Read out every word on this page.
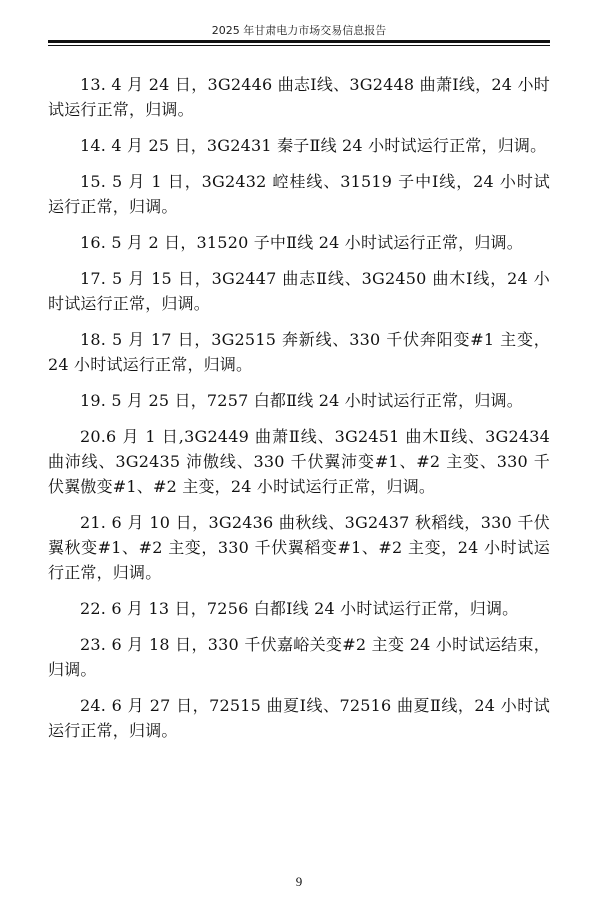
2025 年甘肃电力市场交易信息报告

13. 4 月 24 日，3G2446 曲志Ⅰ线、3G2448 曲萧Ⅰ线，24 小时试运行正常，归调。

14. 4 月 25 日，3G2431 秦子Ⅱ线 24 小时试运行正常，归调。

15. 5 月 1 日，3G2432 崆桂线、31519 子中Ⅰ线，24 小时试运行正常，归调。

16. 5 月 2 日，31520 子中Ⅱ线 24 小时试运行正常，归调。

17. 5 月 15 日，3G2447 曲志Ⅱ线、3G2450 曲木Ⅰ线，24 小时试运行正常，归调。

18. 5 月 17 日，3G2515 奔新线、330 千伏奔阳变#1 主变，24 小时试运行正常，归调。

19. 5 月 25 日，7257 白都Ⅱ线 24 小时试运行正常，归调。

20.6 月 1 日,3G2449 曲萧Ⅱ线、3G2451 曲木Ⅱ线、3G2434 曲沛线、3G2435 沛傲线、330 千伏翼沛变#1、#2 主变、330 千伏翼傲变#1、#2 主变，24 小时试运行正常，归调。

21. 6 月 10 日，3G2436 曲秋线、3G2437 秋稻线，330 千伏翼秋变#1、#2 主变，330 千伏翼稻变#1、#2 主变，24 小时试运行正常，归调。

22. 6 月 13 日，7256 白都Ⅰ线 24 小时试运行正常，归调。

23. 6 月 18 日，330 千伏嘉峪关变#2 主变 24 小时试运结束，归调。

24. 6 月 27 日，72515 曲夏Ⅰ线、72516 曲夏Ⅱ线，24 小时试运行正常，归调。

9
